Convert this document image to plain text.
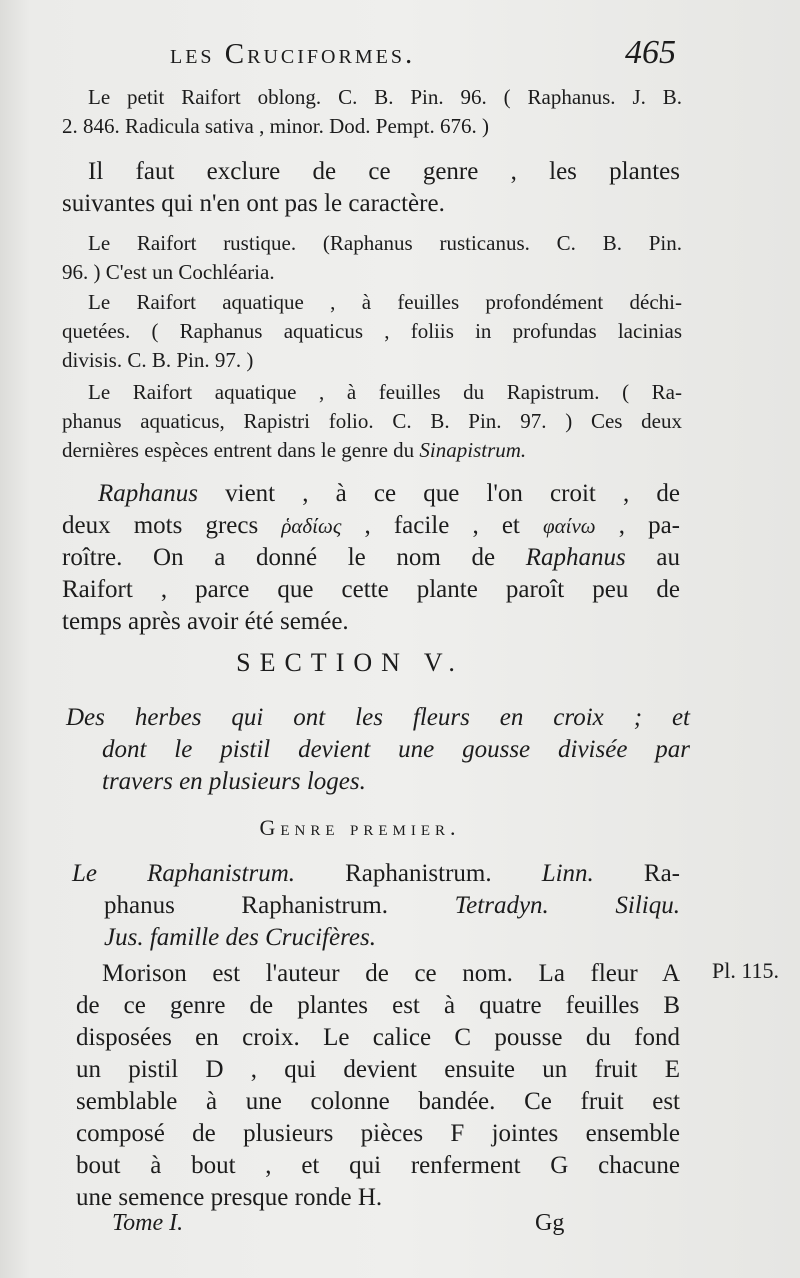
les Cruciformes.	465
Le petit Raifort oblong. C. B. Pin. 96. ( Raphanus. J. B.
2. 846. Radicula sativa , minor. Dod. Pempt. 676. )
Il faut exclure de ce genre , les plantes
suivantes qui n'en ont pas le caractère.
Le Raifort rustique. (Raphanus rusticanus. C. B. Pin.
96. ) C'est un Cochléaria.
Le Raifort aquatique , à feuilles profondément déchi-
quetées. ( Raphanus aquaticus , foliis in profundas lacinias
divisis. C. B. Pin. 97. )
Le Raifort aquatique , à feuilles du Rapistrum. ( Ra-
phanus aquaticus, Rapistri folio. C. B. Pin. 97. ) Ces deux
dernières espèces entrent dans le genre du Sinapistrum.
Raphanus vient , à ce que l'on croit , de
deux mots grecs ῥαδίως , facile , et φαίνω , pa-
roître. On a donné le nom de Raphanus au
Raifort , parce que cette plante paroît peu de
temps après avoir été semée.
SECTION V.
Des herbes qui ont les fleurs en croix ; et
dont le pistil devient une gousse divisée par
travers en plusieurs loges.
Genre premier.
Le Raphanistrum. Raphanistrum. Linn. Ra-
phanus Raphanistrum. Tetradyn.	Siliqu.
Jus. famille des Crucifères.
Morison est l'auteur de ce nom. La fleur A
de ce genre de plantes est à quatre feuilles B
disposées en croix. Le calice C pousse du fond
un pistil D , qui devient ensuite un fruit E
semblable à une colonne bandée. Ce fruit est
composé de plusieurs pièces F jointes ensemble
bout à bout , et qui renferment G chacune
une semence presque ronde H.
Pl. 115.
Tome I.	Gg
